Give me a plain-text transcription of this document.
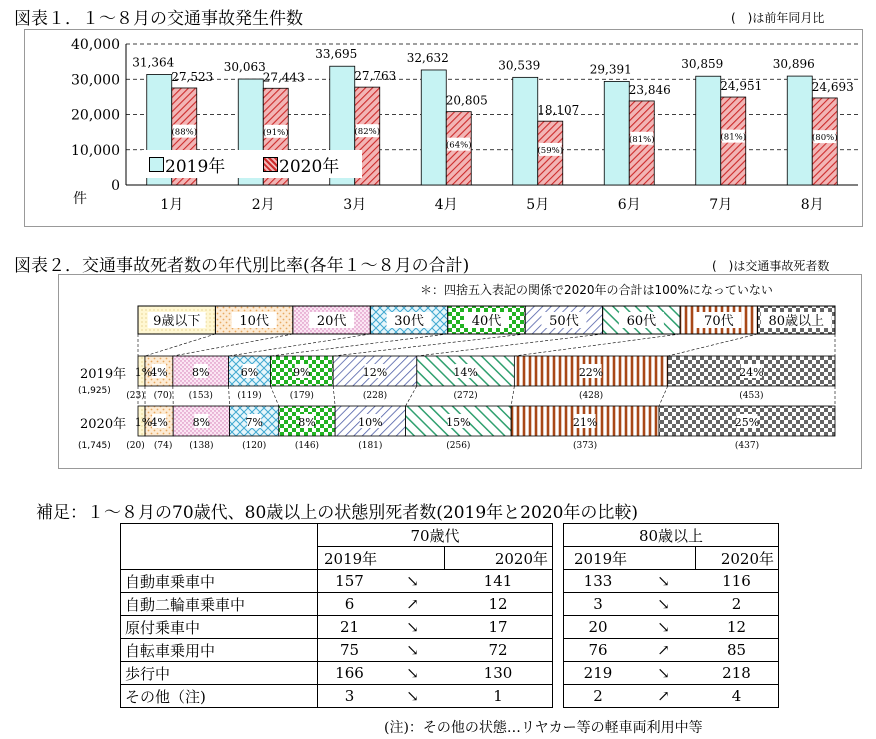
図表１．１～８月の交通事故発生件数	(　)は前年同月比
0
10,000
20,000
30,000
40,000
31,364
27,523
(88%)
1月
30,063
27,443
(91%)
2月
33,695
27,763
(82%)
3月
32,632
20,805
(64%)
4月
30,539
18,107
(59%)
5月
29,391
23,846
(81%)
6月
30,859
24,951
(81%)
7月
30,896
24,693
(80%)
8月
件
2019年	2020年
図表２．交通事故死者数の年代別比率(各年１～８月の合計)	(　)は交通事故死者数
＊：四捨五入表記の関係で2020年の合計は100%になっていない
9歳以下	10代	20代	30代	40代	50代	60代	70代	80歳以上
1%
(23)
4%
(70)
8%
(153)
6%
(119)
9%
(179)
12%
(228)
14%
(272)
22%
(428)
24%
(453)
1%
(20)
4%
(74)
8%
(138)
7%
(120)
8%
(146)
10%
(181)
15%
(256)
21%
(373)
25%
(437)
2019年
(1,925)
2020年
(1,745)
補足：１～８月の70歳代、80歳以上の状態別死者数(2019年と2020年の比較)
	70歳代		
	2019年		2020年
自動車乗車中	157	↘	141
自動二輪車乗車中	6	↗	12
原付乗車中	21	↘	17
自転車乗用中	75	↘	72
歩行中	166	↘	130
その他（注)	3	↘	1
80歳以上		
2019年		2020年
133	↘	116
3	↘	2
20	↘	12
76	↗	85
219	↘	218
2	↗	4
(注)：その他の状態…リヤカー等の軽車両利用中等
